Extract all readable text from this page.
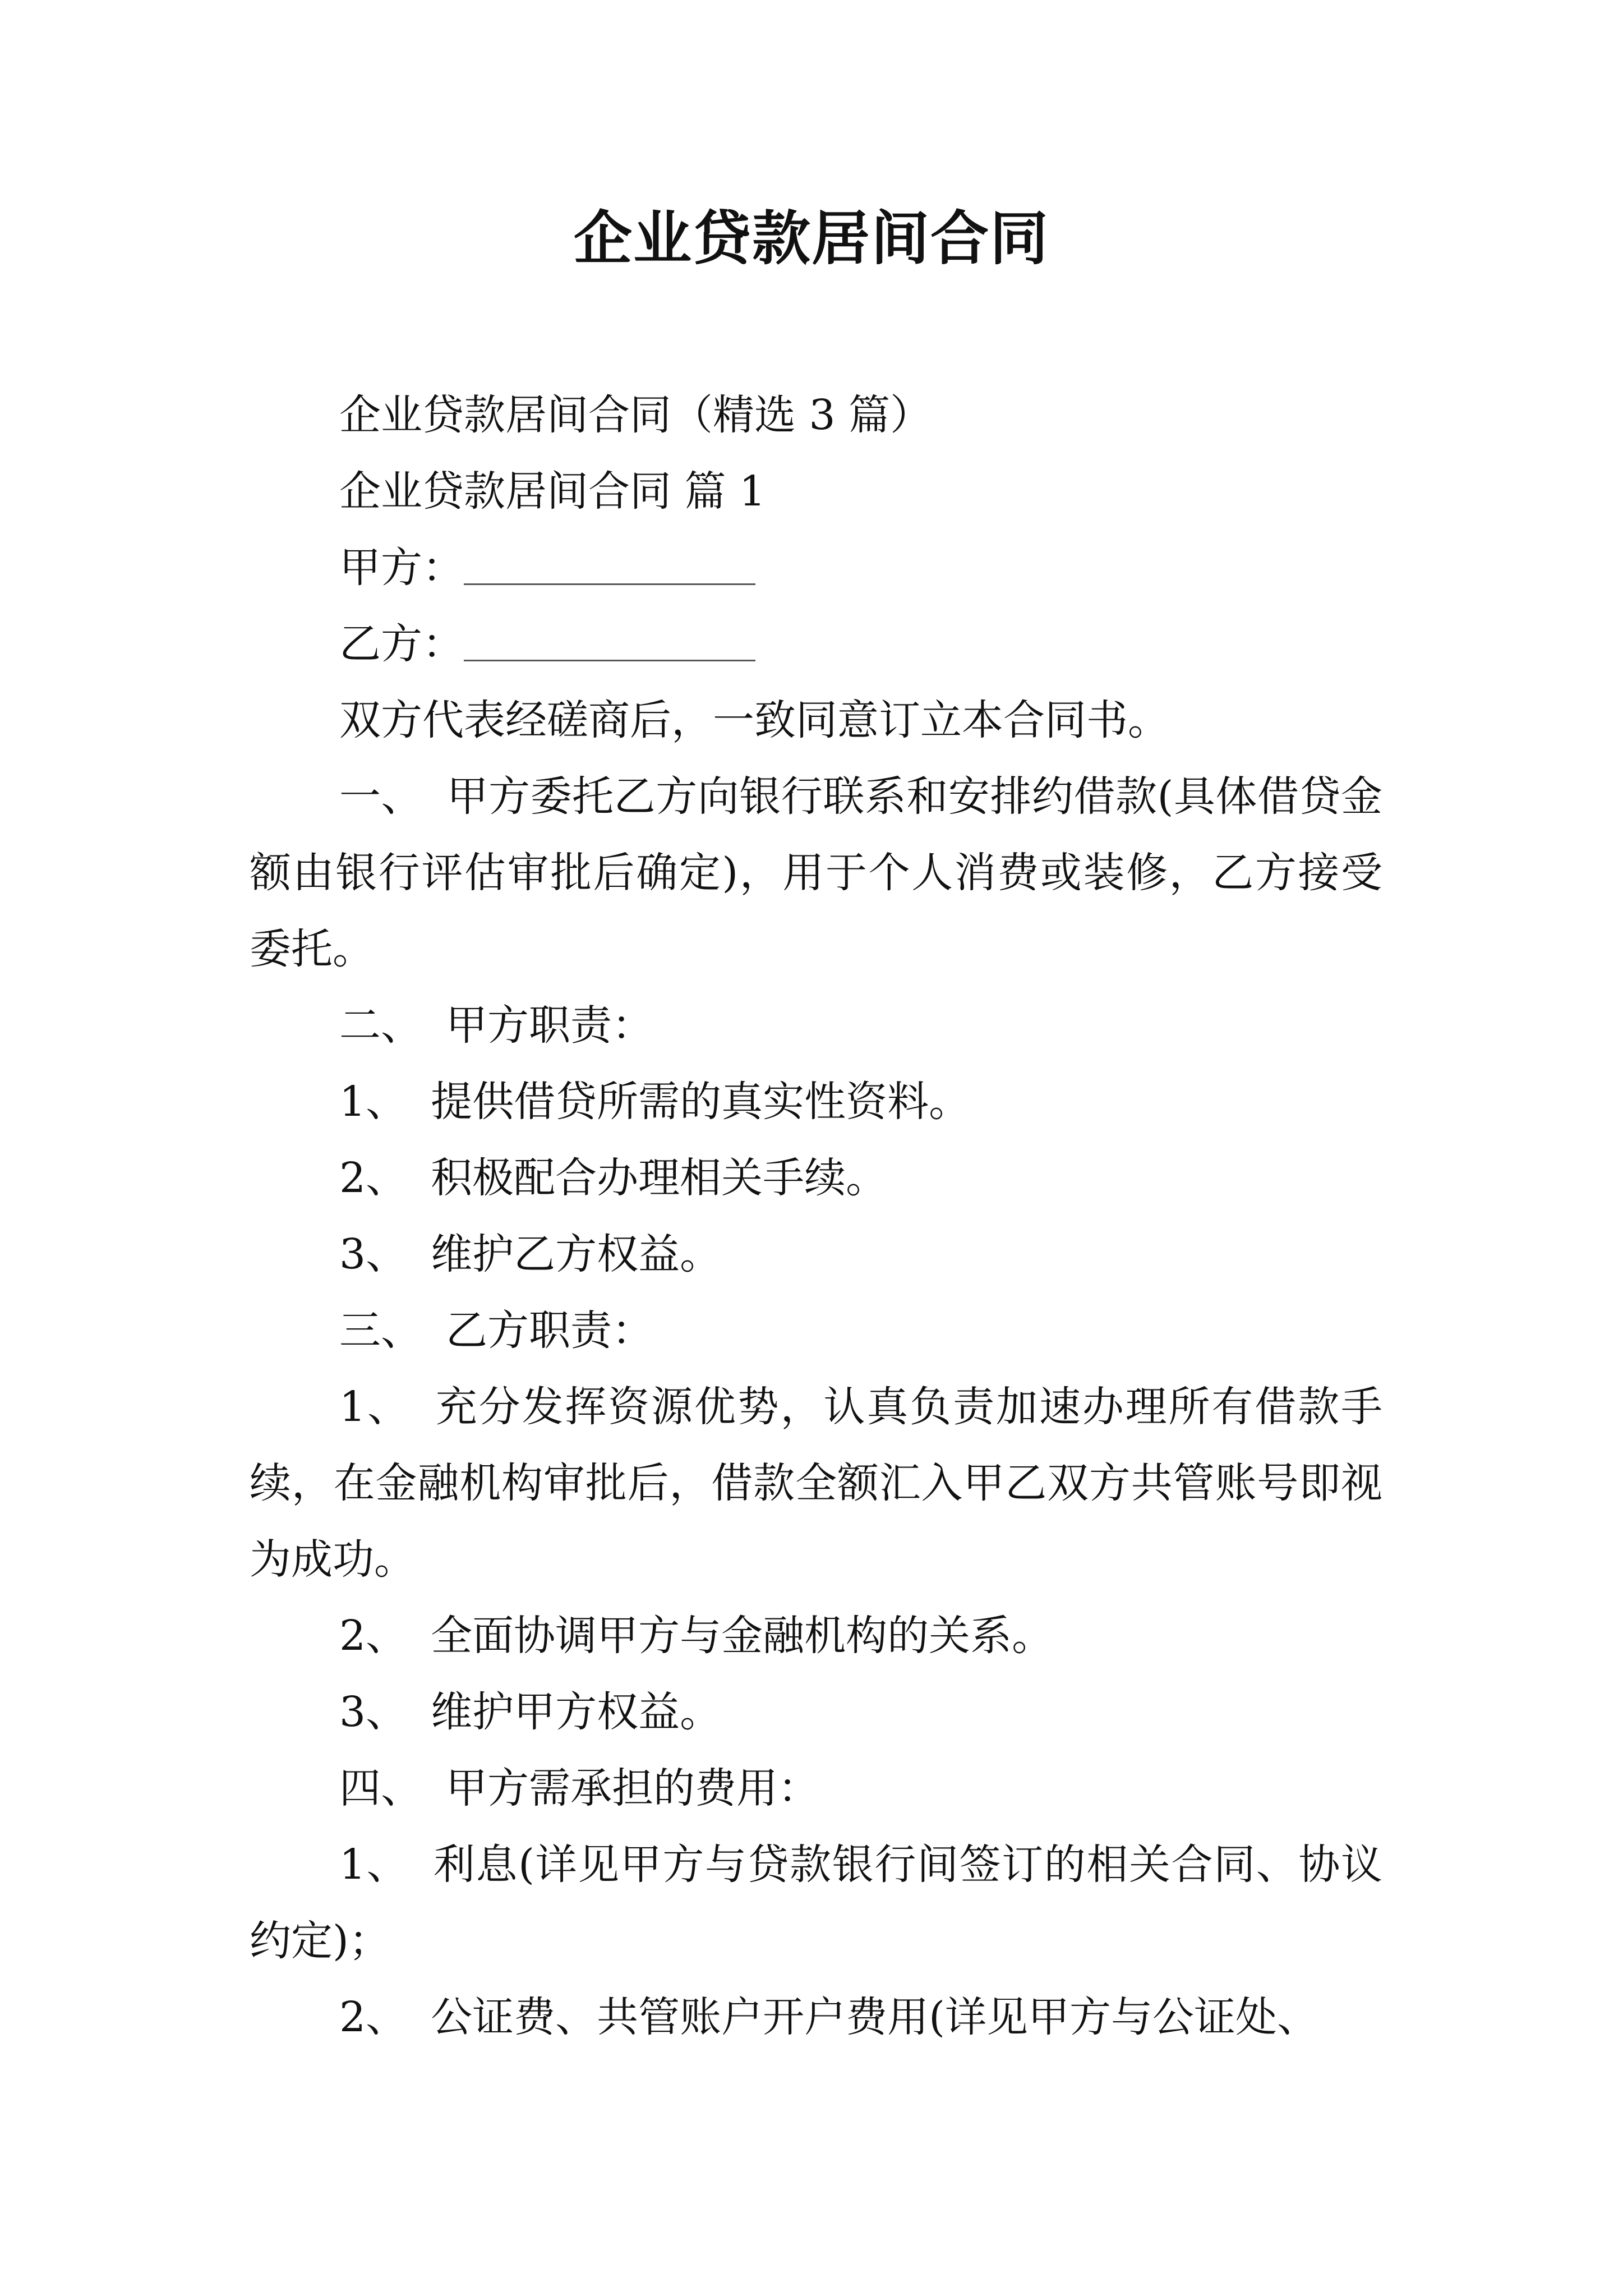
企业贷款居间合同

企业贷款居间合同（精选 3 篇）

企业贷款居间合同 篇 1

甲方：

乙方：

双方代表经磋商后，一致同意订立本合同书。

一、 甲方委托乙方向银行联系和安排约借款(具体借贷金额由银行评估审批后确定)，用于个人消费或装修，乙方接受委托。

二、 甲方职责：

1、 提供借贷所需的真实性资料。

2、 积极配合办理相关手续。

3、 维护乙方权益。

三、 乙方职责：

1、 充分发挥资源优势，认真负责加速办理所有借款手续，在金融机构审批后，借款全额汇入甲乙双方共管账号即视为成功。

2、 全面协调甲方与金融机构的关系。

3、 维护甲方权益。

四、 甲方需承担的费用：

1、 利息(详见甲方与贷款银行间签订的相关合同、协议约定)；

2、 公证费、共管账户开户费用(详见甲方与公证处、
